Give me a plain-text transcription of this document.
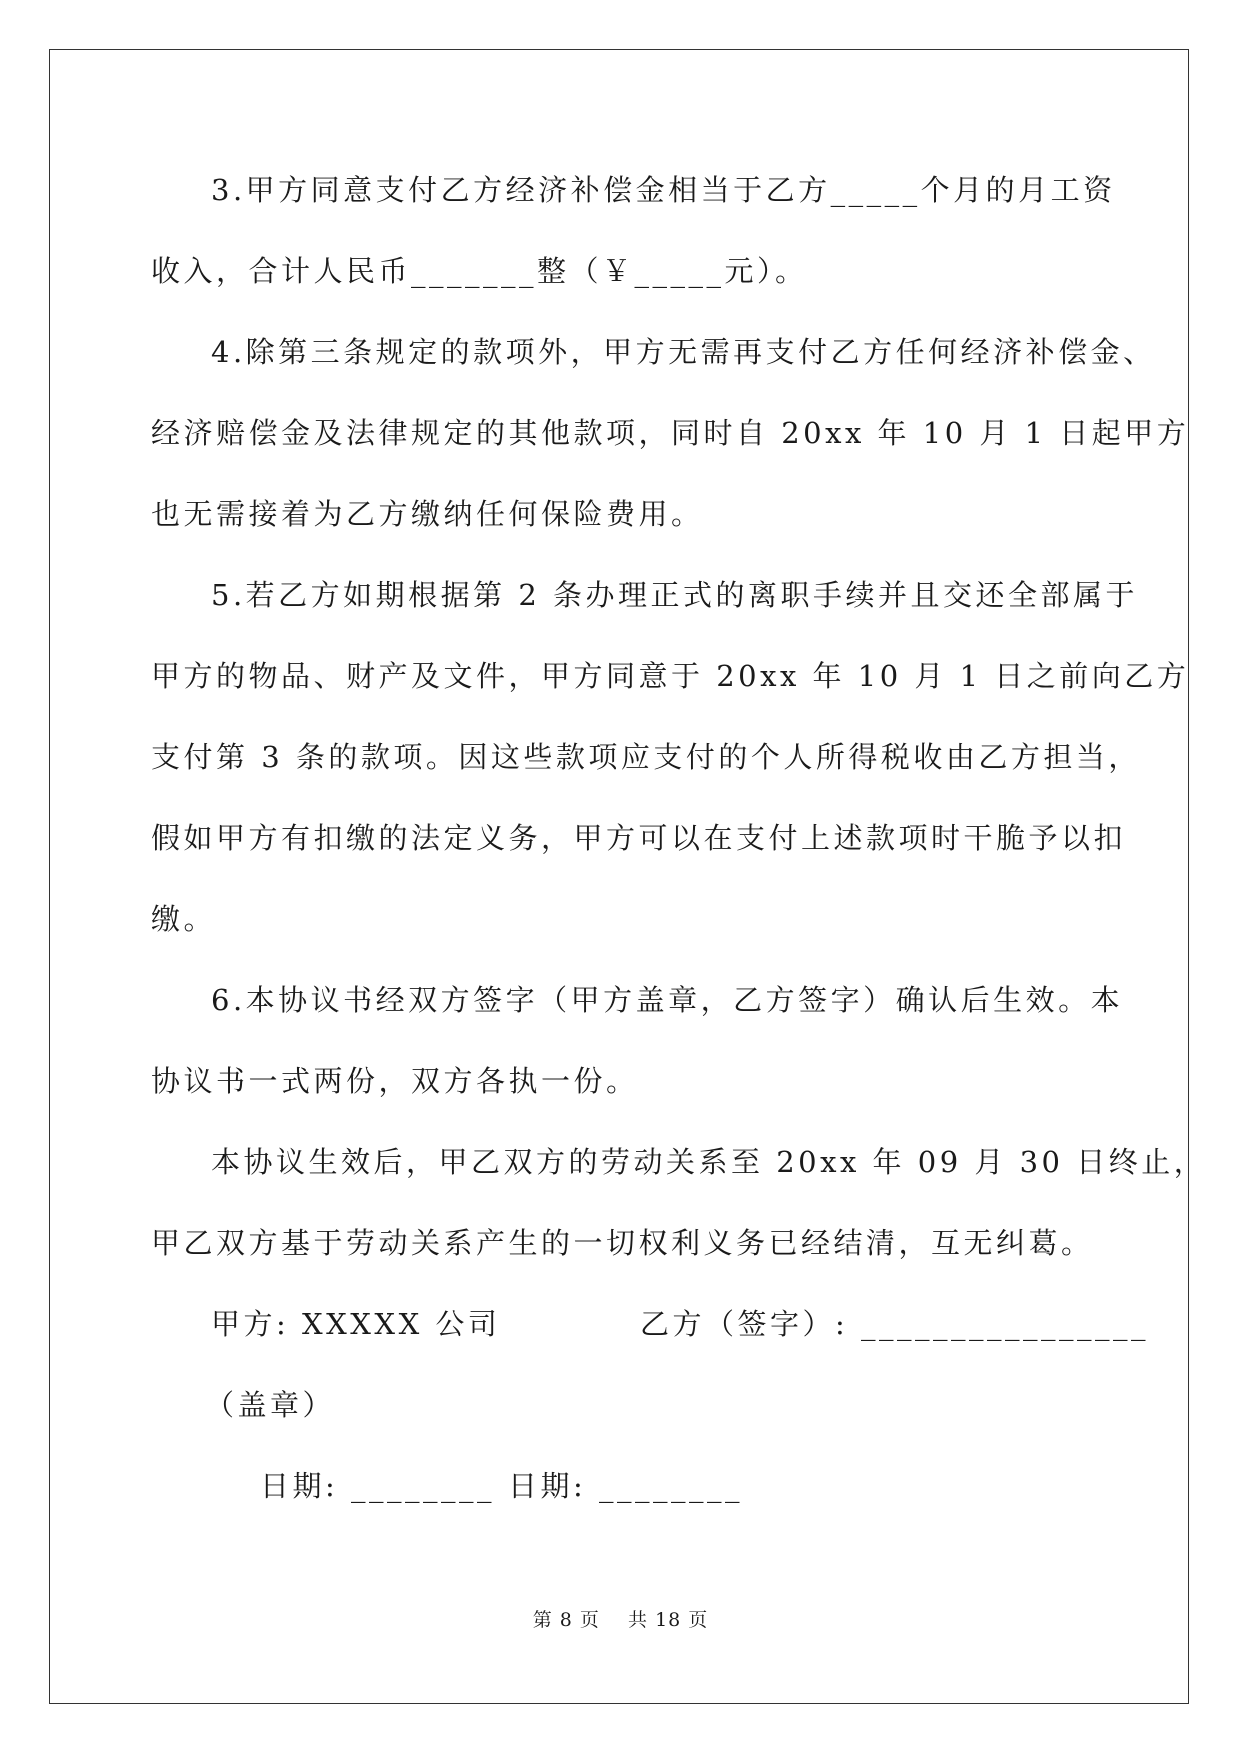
3.甲方同意支付乙方经济补偿金相当于乙方_____个月的月工资
收入，合计人民币_______整（￥_____元）。
4.除第三条规定的款项外，甲方无需再支付乙方任何经济补偿金、
经济赔偿金及法律规定的其他款项，同时自 20xx 年 10 月 1 日起甲方
也无需接着为乙方缴纳任何保险费用。
5.若乙方如期根据第 2 条办理正式的离职手续并且交还全部属于
甲方的物品、财产及文件，甲方同意于 20xx 年 10 月 1 日之前向乙方
支付第 3 条的款项。因这些款项应支付的个人所得税收由乙方担当，
假如甲方有扣缴的法定义务，甲方可以在支付上述款项时干脆予以扣
缴。
6.本协议书经双方签字（甲方盖章，乙方签字）确认后生效。本
协议书一式两份，双方各执一份。
本协议生效后，甲乙双方的劳动关系至 20xx 年 09 月 30 日终止，
甲乙双方基于劳动关系产生的一切权利义务已经结清，互无纠葛。
甲方: XXXXX 公司	乙方（签字）: ________________
（盖章）
日期: ________ 日期: ________
第 8 页    共 18 页
